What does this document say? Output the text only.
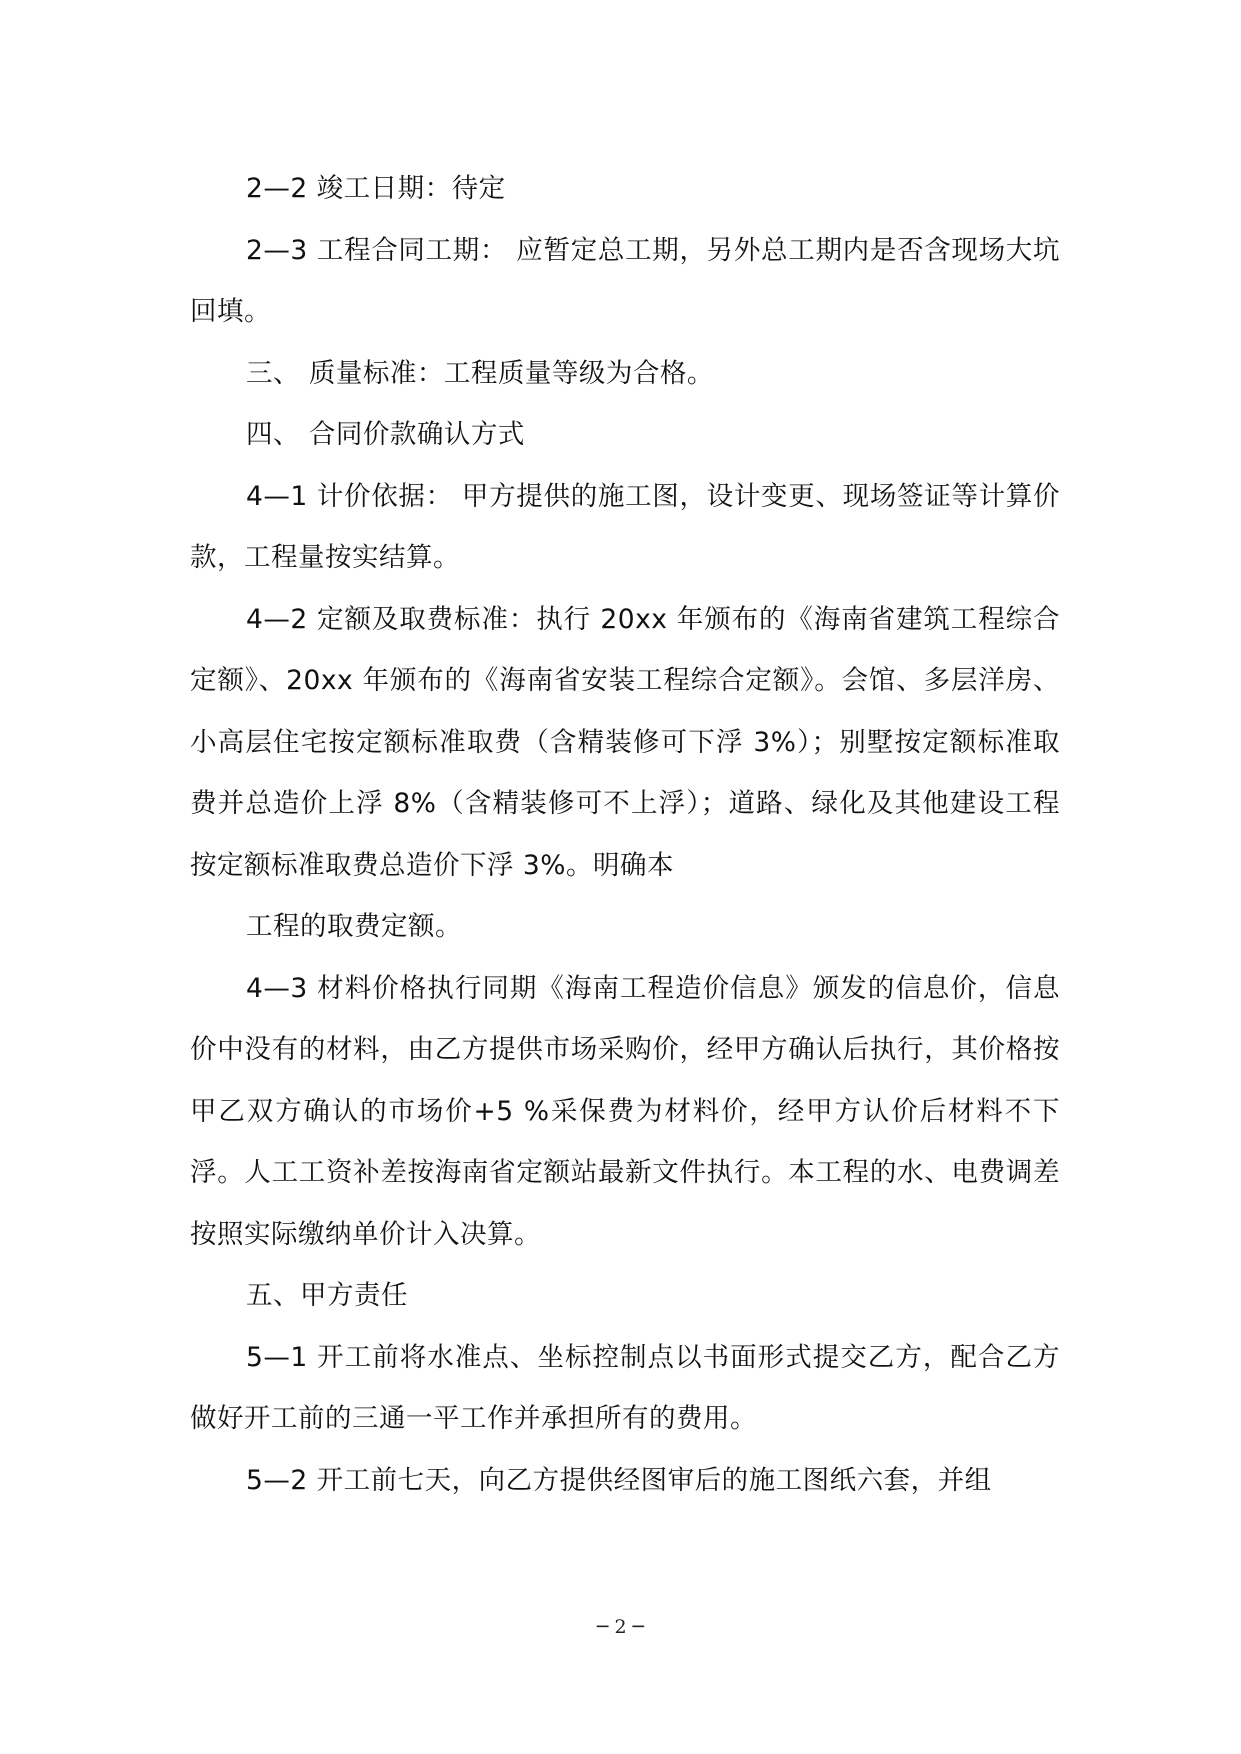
2—2 竣工日期：待定

2—3 工程合同工期： 应暂定总工期，另外总工期内是否含现场大坑回填。

三、 质量标准：工程质量等级为合格。

四、 合同价款确认方式

4—1 计价依据： 甲方提供的施工图，设计变更、现场签证等计算价款，工程量按实结算。

4—2 定额及取费标准：执行 20xx 年颁布的《海南省建筑工程综合定额》、20xx 年颁布的《海南省安装工程综合定额》。会馆、多层洋房、小高层住宅按定额标准取费（含精装修可下浮 3%）；别墅按定额标准取费并总造价上浮 8%（含精装修可不上浮）；道路、绿化及其他建设工程按定额标准取费总造价下浮 3%。明确本

工程的取费定额。

4—3 材料价格执行同期《海南工程造价信息》颁发的信息价，信息价中没有的材料，由乙方提供市场采购价，经甲方确认后执行，其价格按甲乙双方确认的市场价+5 %采保费为材料价，经甲方认价后材料不下浮。人工工资补差按海南省定额站最新文件执行。本工程的水、电费调差按照实际缴纳单价计入决算。

五、甲方责任

5—1 开工前将水准点、坐标控制点以书面形式提交乙方，配合乙方做好开工前的三通一平工作并承担所有的费用。

5—2 开工前七天，向乙方提供经图审后的施工图纸六套，并组

─ 2 ─
